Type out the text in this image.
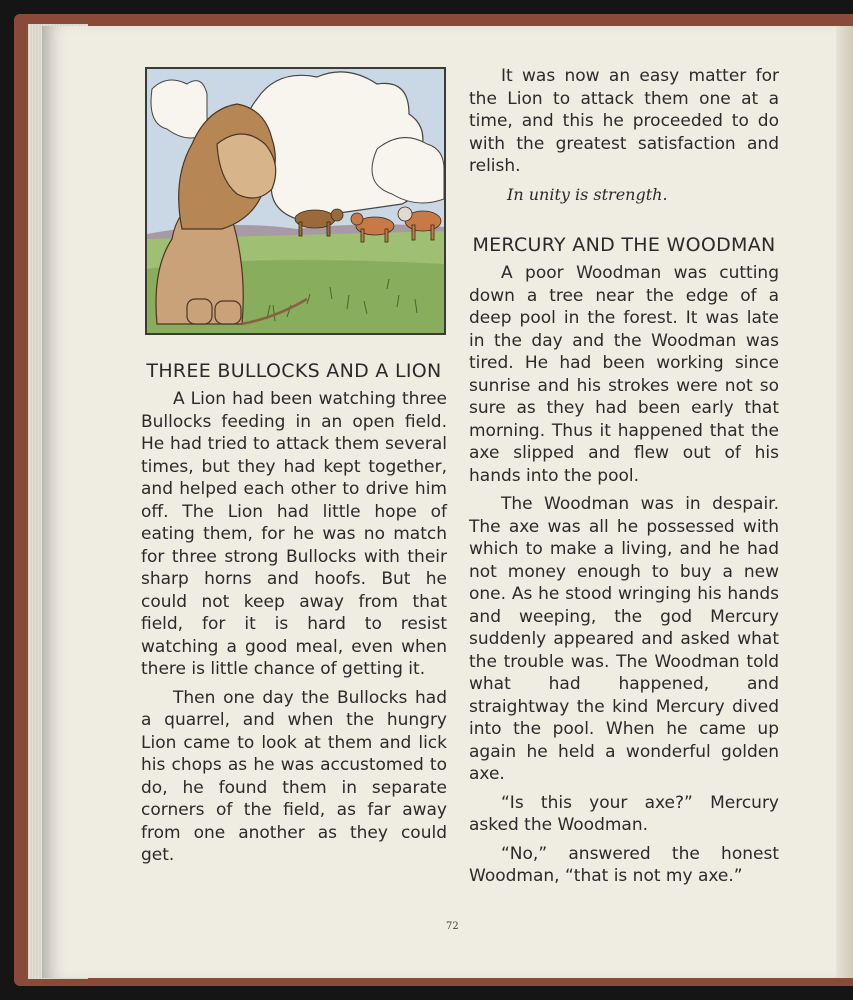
THREE BULLOCKS AND A LION

A Lion had been watching three Bullocks feeding in an open field. He had tried to attack them several times, but they had kept together, and helped each other to drive him off. The Lion had little hope of eating them, for he was no match for three strong Bullocks with their sharp horns and hoofs. But he could not keep away from that field, for it is hard to resist watching a good meal, even when there is little chance of getting it.

Then one day the Bullocks had a quarrel, and when the hungry Lion came to look at them and lick his chops as he was accustomed to do, he found them in separate corners of the field, as far away from one another as they could get.

It was now an easy matter for the Lion to attack them one at a time, and this he proceeded to do with the greatest satisfaction and relish.

In unity is strength.

MERCURY AND THE WOODMAN

A poor Woodman was cutting down a tree near the edge of a deep pool in the forest. It was late in the day and the Woodman was tired. He had been working since sunrise and his strokes were not so sure as they had been early that morning. Thus it happened that the axe slipped and flew out of his hands into the pool.

The Woodman was in despair. The axe was all he possessed with which to make a living, and he had not money enough to buy a new one. As he stood wringing his hands and weeping, the god Mercury suddenly appeared and asked what the trouble was. The Woodman told what had happened, and straightway the kind Mercury dived into the pool. When he came up again he held a wonderful golden axe.

“Is this your axe?” Mercury asked the Woodman.

“No,” answered the honest Woodman, “that is not my axe.”

72
